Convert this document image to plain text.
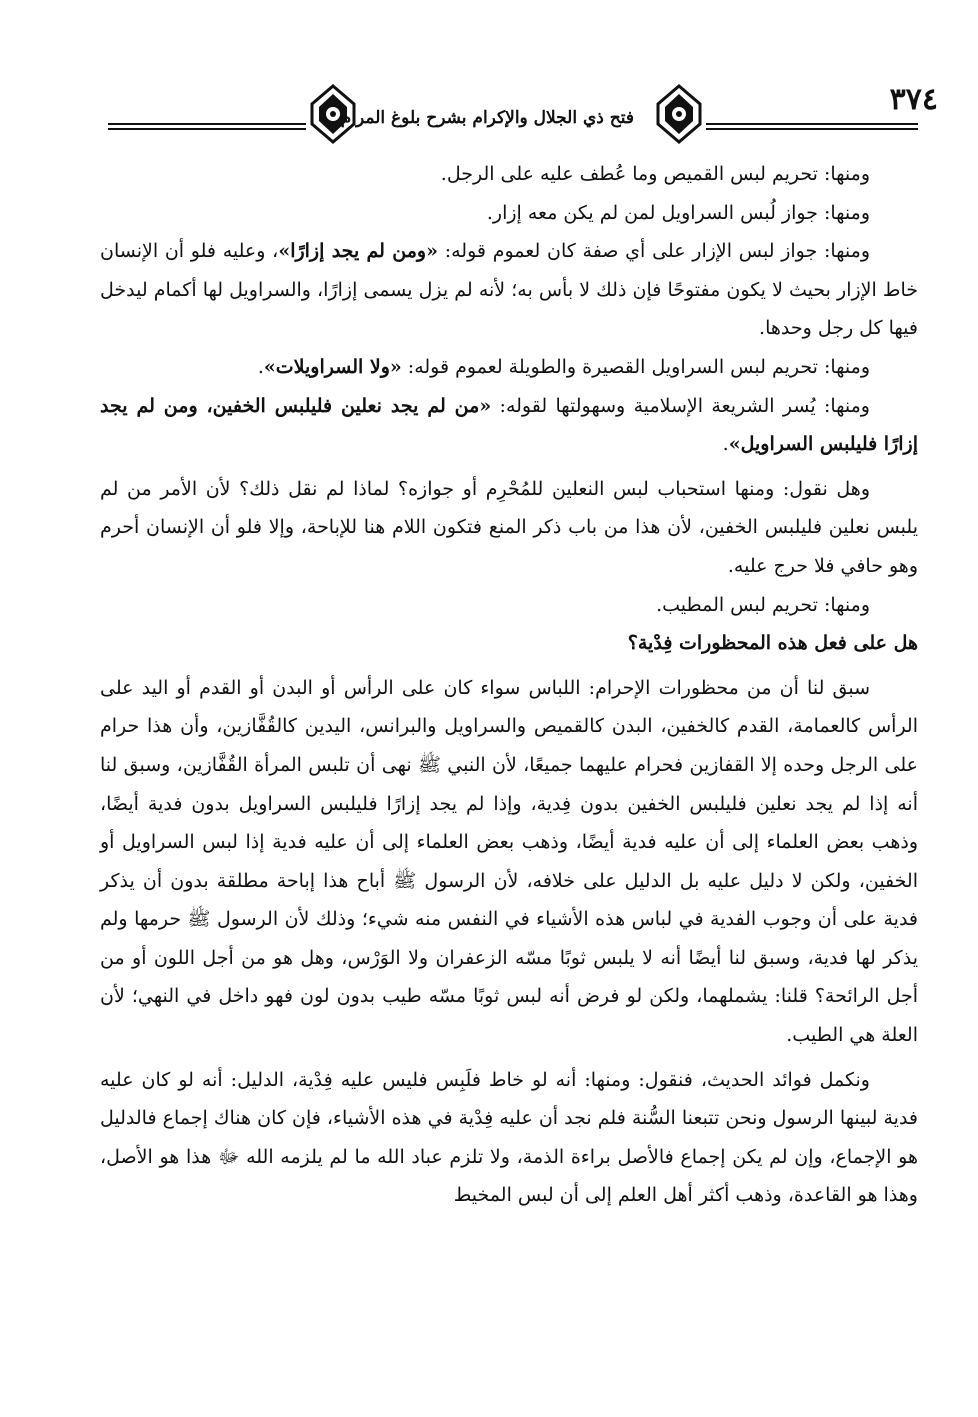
٣٧٤
فتح ذي الجلال والإكرام بشرح بلوغ المرام

ومنها: تحريم لبس القميص وما عُطف عليه على الرجل.

ومنها: جواز لُبس السراويل لمن لم يكن معه إزار.

ومنها: جواز لبس الإزار على أي صفة كان لعموم قوله: «ومن لم يجد إزارًا»، وعليه فلو أن الإنسان خاط الإزار بحيث لا يكون مفتوحًا فإن ذلك لا بأس به؛ لأنه لم يزل يسمى إزارًا، والسراويل لها أكمام ليدخل فيها كل رجل وحدها.

ومنها: تحريم لبس السراويل القصيرة والطويلة لعموم قوله: «ولا السراويلات».

ومنها: يُسر الشريعة الإسلامية وسهولتها لقوله: «من لم يجد نعلين فليلبس الخفين، ومن لم يجد إزارًا فليلبس السراويل».

وهل نقول: ومنها استحباب لبس النعلين للمُحْرِم أو جوازه؟ لماذا لم نقل ذلك؟ لأن الأمر من لم يلبس نعلين فليلبس الخفين، لأن هذا من باب ذكر المنع فتكون اللام هنا للإباحة، وإلا فلو أن الإنسان أحرم وهو حافي فلا حرج عليه.

ومنها: تحريم لبس المطيب.

هل على فعل هذه المحظورات فِدْية؟

سبق لنا أن من محظورات الإحرام: اللباس سواء كان على الرأس أو البدن أو القدم أو اليد على الرأس كالعمامة، القدم كالخفين، البدن كالقميص والسراويل والبرانس، اليدين كالقُفَّازين، وأن هذا حرام على الرجل وحده إلا القفازين فحرام عليهما جميعًا، لأن النبي ﷺ نهى أن تلبس المرأة القُفَّازين، وسبق لنا أنه إذا لم يجد نعلين فليلبس الخفين بدون فِدية، وإذا لم يجد إزارًا فليلبس السراويل بدون فدية أيضًا، وذهب بعض العلماء إلى أن عليه فدية أيضًا، وذهب بعض العلماء إلى أن عليه فدية إذا لبس السراويل أو الخفين، ولكن لا دليل عليه بل الدليل على خلافه، لأن الرسول ﷺ أباح هذا إباحة مطلقة بدون أن يذكر فدية على أن وجوب الفدية في لباس هذه الأشياء في النفس منه شيء؛ وذلك لأن الرسول ﷺ حرمها ولم يذكر لها فدية، وسبق لنا أيضًا أنه لا يلبس ثوبًا مسّه الزعفران ولا الوَرْس، وهل هو من أجل اللون أو من أجل الرائحة؟ قلنا: يشملهما، ولكن لو فرض أنه لبس ثوبًا مسّه طيب بدون لون فهو داخل في النهي؛ لأن العلة هي الطيب.

ونكمل فوائد الحديث، فنقول: ومنها: أنه لو خاط فلَبِس فليس عليه فِدْية، الدليل: أنه لو كان عليه فدية لبينها الرسول ونحن تتبعنا السُّنة فلم نجد أن عليه فِدْية في هذه الأشياء، فإن كان هناك إجماع فالدليل هو الإجماع، وإن لم يكن إجماع فالأصل براءة الذمة، ولا تلزم عباد الله ما لم يلزمه الله ﷻ هذا هو الأصل، وهذا هو القاعدة، وذهب أكثر أهل العلم إلى أن لبس المخيط
